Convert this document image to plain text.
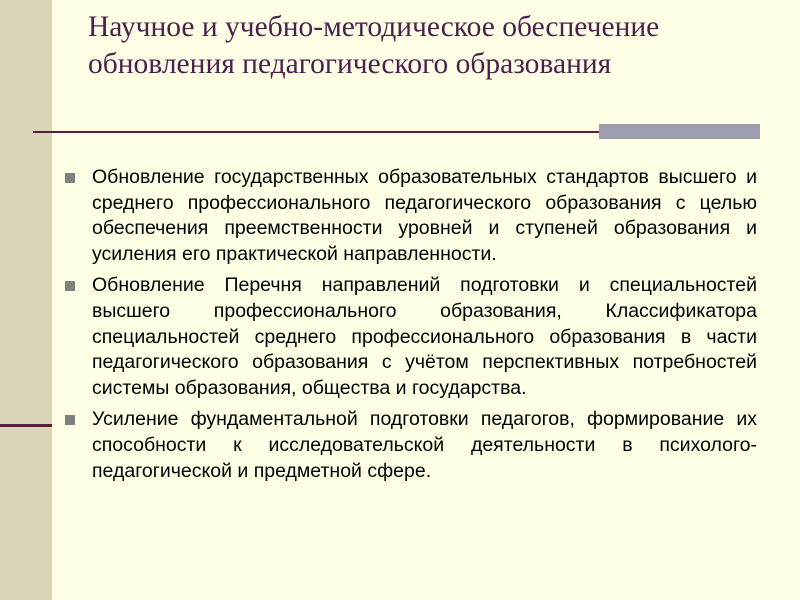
Научное и учебно-методическое обеспечение обновления педагогического образования
Обновление государственных образовательных стандартов высшего и среднего профессионального педагогического образования с целью обеспечения преемственности уровней и ступеней образования и усиления его практической направленности.
Обновление Перечня направлений подготовки и специальностей высшего профессионального образования, Классификатора специальностей среднего профессионального образования в части педагогического образования с учётом перспективных потребностей системы образования, общества и государства.
Усиление фундаментальной подготовки педагогов, формирование их способности к исследовательской деятельности в психолого-педагогической и предметной сфере.
